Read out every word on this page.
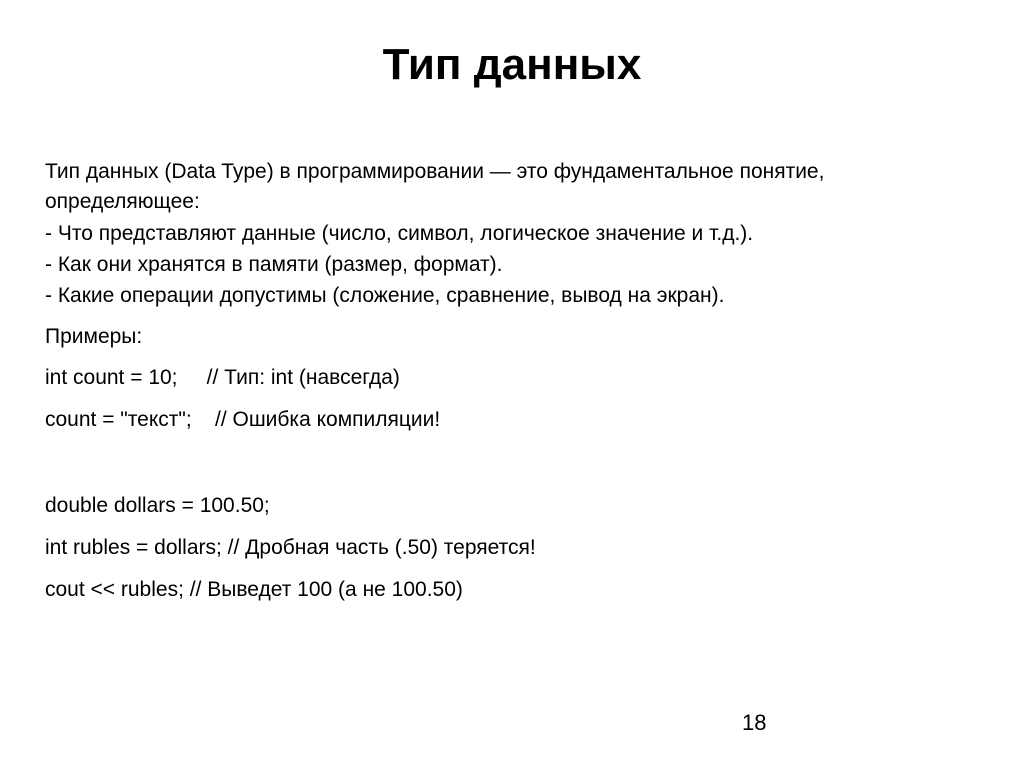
Тип данных
Тип данных (Data Type) в программировании — это фундаментальное понятие,
определяющее:
- Что представляют данные (число, символ, логическое значение и т.д.).
- Как они хранятся в памяти (размер, формат).
- Какие операции допустимы (сложение, сравнение, вывод на экран).
Примеры:
int count = 10;     // Тип: int (навсегда)
count = "текст";    // Ошибка компиляции!
double dollars = 100.50;
int rubles = dollars; // Дробная часть (.50) теряется!
cout << rubles; // Выведет 100 (а не 100.50)
18
